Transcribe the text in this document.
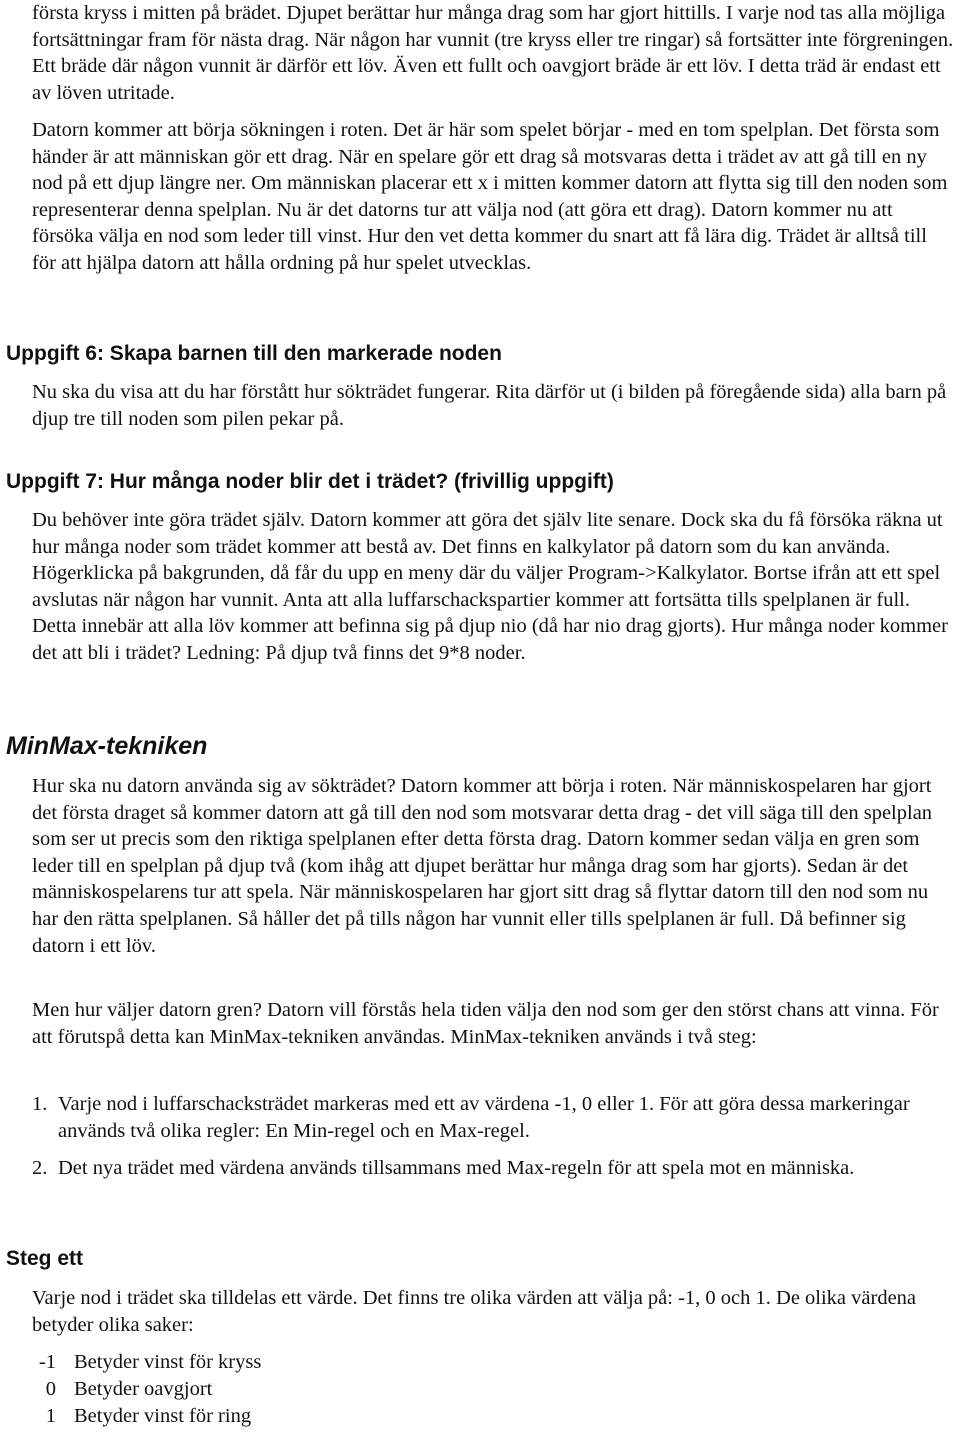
första kryss i mitten på brädet. Djupet berättar hur många drag som har gjort hittills. I varje nod tas alla möjliga fortsättningar fram för nästa drag. När någon har vunnit (tre kryss eller tre ringar) så fortsätter inte förgreningen. Ett bräde där någon vunnit är därför ett löv. Även ett fullt och oavgjort bräde är ett löv. I detta träd är endast ett av löven utritade.

Datorn kommer att börja sökningen i roten. Det är här som spelet börjar - med en tom spelplan. Det första som händer är att människan gör ett drag. När en spelare gör ett drag så motsvaras detta i trädet av att gå till en ny nod på ett djup längre ner. Om människan placerar ett x i mitten kommer datorn att flytta sig till den noden som representerar denna spelplan. Nu är det datorns tur att välja nod (att göra ett drag). Datorn kommer nu att försöka välja en nod som leder till vinst. Hur den vet detta kommer du snart att få lära dig. Trädet är alltså till för att hjälpa datorn att hålla ordning på hur spelet utvecklas.

Uppgift 6: Skapa barnen till den markerade noden

Nu ska du visa att du har förstått hur sökträdet fungerar. Rita därför ut (i bilden på föregående sida) alla barn på djup tre till noden som pilen pekar på.

Uppgift 7: Hur många noder blir det i trädet? (frivillig uppgift)

Du behöver inte göra trädet själv. Datorn kommer att göra det själv lite senare. Dock ska du få försöka räkna ut hur många noder som trädet kommer att bestå av. Det finns en kalkylator på datorn som du kan använda. Högerklicka på bakgrunden, då får du upp en meny där du väljer Program->Kalkylator. Bortse ifrån att ett spel avslutas när någon har vunnit. Anta att alla luffarschackspartier kommer att fortsätta tills spelplanen är full. Detta innebär att alla löv kommer att befinna sig på djup nio (då har nio drag gjorts). Hur många noder kommer det att bli i trädet? Ledning: På djup två finns det 9*8 noder.

MinMax-tekniken

Hur ska nu datorn använda sig av sökträdet? Datorn kommer att börja i roten. När människospelaren har gjort det första draget så kommer datorn att gå till den nod som motsvarar detta drag - det vill säga till den spelplan som ser ut precis som den riktiga spelplanen efter detta första drag. Datorn kommer sedan välja en gren som leder till en spelplan på djup två (kom ihåg att djupet berättar hur många drag som har gjorts). Sedan är det människospelarens tur att spela. När människospelaren har gjort sitt drag så flyttar datorn till den nod som nu har den rätta spelplanen. Så håller det på tills någon har vunnit eller tills spelplanen är full. Då befinner sig datorn i ett löv.

Men hur väljer datorn gren? Datorn vill förstås hela tiden välja den nod som ger den störst chans att vinna. För att förutspå detta kan MinMax-tekniken användas. MinMax-tekniken används i två steg:

1. Varje nod i luffarschacksträdet markeras med ett av värdena -1, 0 eller 1. För att göra dessa markeringar används två olika regler: En Min-regel och en Max-regel.
2. Det nya trädet med värdena används tillsammans med Max-regeln för att spela mot en människa.
Steg ett

Varje nod i trädet ska tilldelas ett värde. Det finns tre olika värden att välja på: -1, 0 och 1. De olika värdena betyder olika saker:

-1 Betyder vinst för kryss
0 Betyder oavgjort
1 Betyder vinst för ring
